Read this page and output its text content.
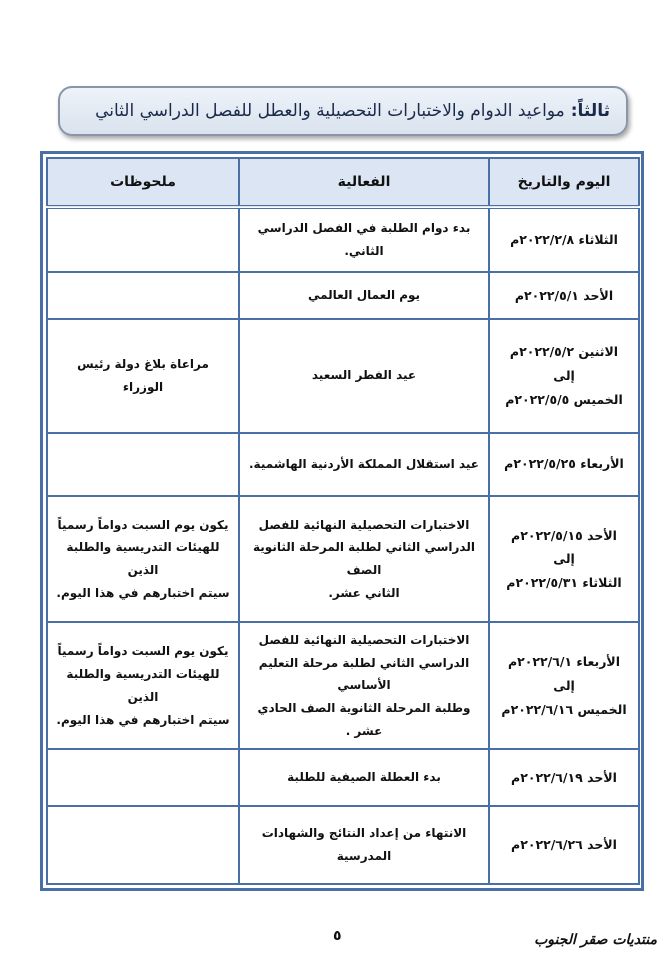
ثالثاً:
مواعيد الدوام والاختبارات التحصيلية والعطل للفصل الدراسي الثاني
اليوم والتاريخ	الفعالية	ملحوظات

الثلاثاء ٢٠٢٢/٢/٨م	بدء دوام الطلبة في الفصل الدراسي الثاني.	

الأحد ٢٠٢٢/٥/١م	يوم العمال العالمي	

الاثنين ٢٠٢٢/٥/٢م
إلى
الخميس ٢٠٢٢/٥/٥م	عيد الفطر السعيد	مراعاة بلاغ دولة رئيس الوزراء

الأربعاء ٢٠٢٢/٥/٢٥م	عيد استقلال المملكة الأردنية الهاشمية.	

الأحد ٢٠٢٢/٥/١٥م
إلى
الثلاثاء ٢٠٢٢/٥/٣١م	الاختبارات التحصيلية النهائية للفصل
الدراسي الثاني لطلبة المرحلة الثانوية الصف
الثاني عشر.	يكون يوم السبت دواماً رسمياً
للهيئات التدريسية والطلبة الذين
سيتم اختبارهم في هذا اليوم.

الأربعاء ٢٠٢٢/٦/١م
إلى
الخميس ٢٠٢٢/٦/١٦م	الاختبارات التحصيلية النهائية للفصل
الدراسي الثاني لطلبة مرحلة التعليم الأساسي
وطلبة المرحلة الثانوية الصف الحادي عشر .	يكون يوم السبت دواماً رسمياً
للهيئات التدريسية والطلبة الذين
سيتم اختبارهم في هذا اليوم.

الأحد ٢٠٢٢/٦/١٩م	بدء العطلة الصيفية للطلبة	

الأحد ٢٠٢٢/٦/٢٦م	الانتهاء من إعداد النتائج والشهادات
المدرسية	

٥	منتديات صقر الجنوب
